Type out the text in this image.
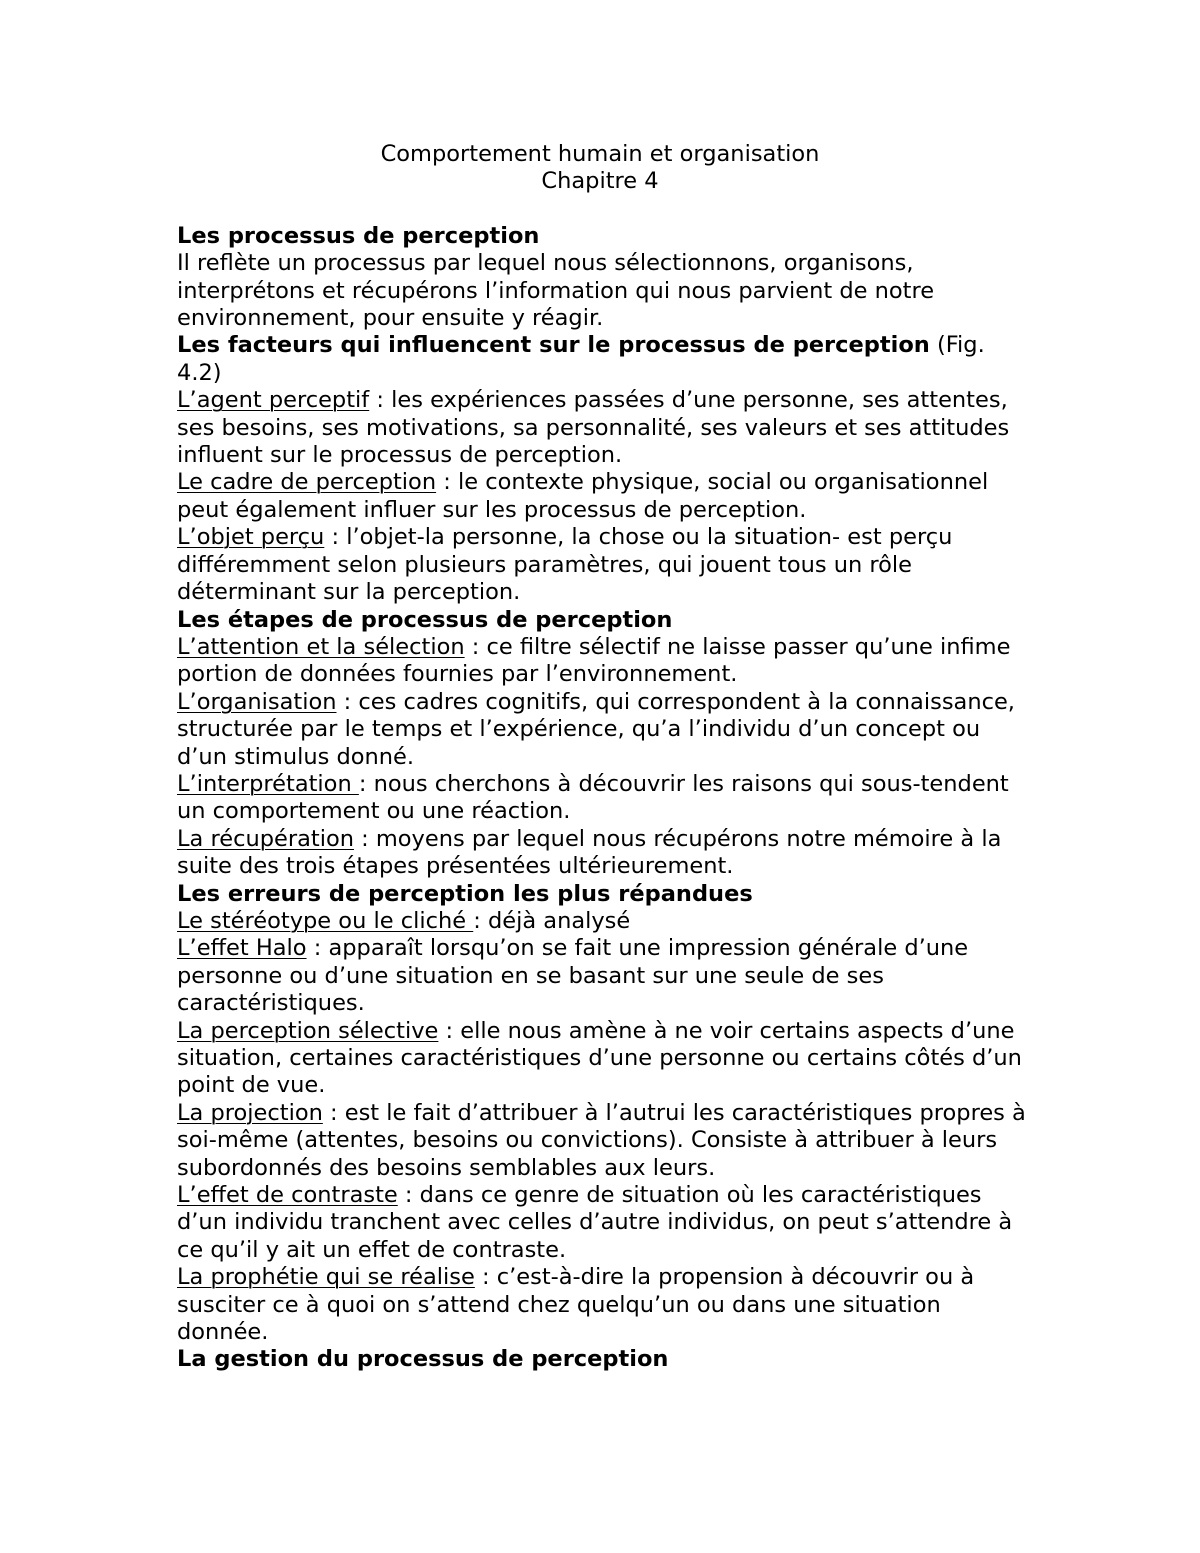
Comportement humain et organisation
Chapitre 4

Les processus de perception

Il reflète un processus par lequel nous sélectionnons, organisons, interprétons et récupérons l’information qui nous parvient de notre environnement, pour ensuite y réagir.

Les facteurs qui influencent sur le processus de perception (Fig. 4.2)

L’agent perceptif : les expériences passées d’une personne, ses attentes, ses besoins, ses motivations, sa personnalité, ses valeurs et ses attitudes influent sur le processus de perception.

Le cadre de perception : le contexte physique, social ou organisationnel peut également influer sur les processus de perception.

L’objet perçu : l’objet-la personne, la chose ou la situation- est perçu différemment selon plusieurs paramètres, qui jouent tous un rôle déterminant sur la perception.

Les étapes de processus de perception

L’attention et la sélection : ce filtre sélectif ne laisse passer qu’une infime portion de données fournies par l’environnement.

L’organisation : ces cadres cognitifs, qui correspondent à la connaissance, structurée par le temps et l’expérience, qu’a l’individu d’un concept ou d’un stimulus donné.

L’interprétation : nous cherchons à découvrir les raisons qui sous-tendent un comportement ou une réaction.

La récupération : moyens par lequel nous récupérons notre mémoire à la suite des trois étapes présentées ultérieurement.

Les erreurs de perception les plus répandues

Le stéréotype ou le cliché : déjà analysé

L’effet Halo : apparaît lorsqu’on se fait une impression générale d’une personne ou d’une situation en se basant sur une seule de ses caractéristiques.

La perception sélective : elle nous amène à ne voir certains aspects d’une situation, certaines caractéristiques d’une personne ou certains côtés d’un point de vue.

La projection : est le fait d’attribuer à l’autrui les caractéristiques propres à soi-même (attentes, besoins ou convictions). Consiste à attribuer à leurs subordonnés des besoins semblables aux leurs.

L’effet de contraste : dans ce genre de situation où les caractéristiques d’un individu tranchent avec celles d’autre individus, on peut s’attendre à ce qu’il y ait un effet de contraste.

La prophétie qui se réalise : c’est-à-dire la propension à découvrir ou à susciter ce à quoi on s’attend chez quelqu’un ou dans une situation donnée.

La gestion du processus de perception
